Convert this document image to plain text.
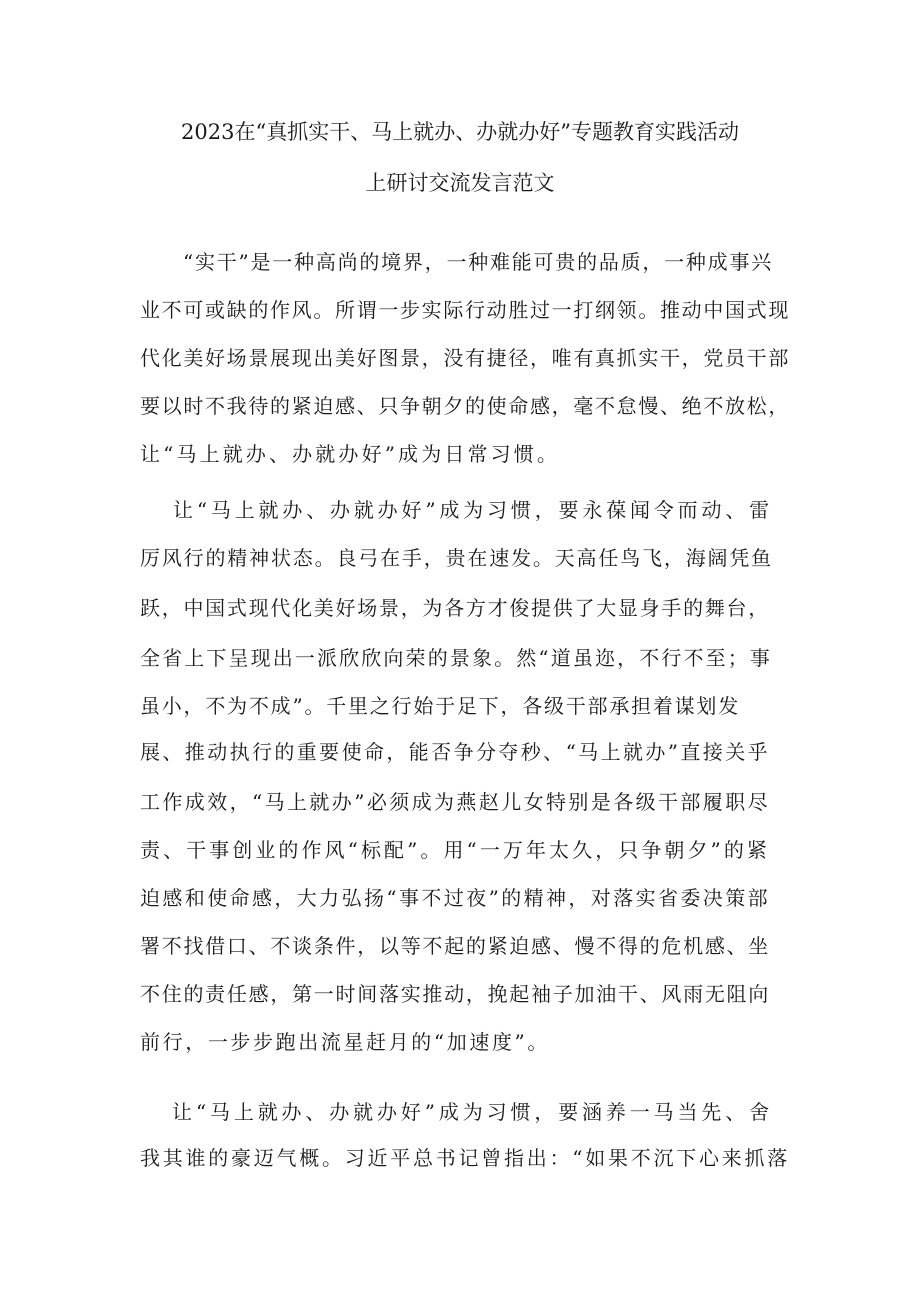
2023在“真抓实干、马上就办、办就办好”专题教育实践活动
上研讨交流发言范文
“实干”是一种高尚的境界，一种难能可贵的品质，一种成事兴
业不可或缺的作风。所谓一步实际行动胜过一打纲领。推动中国式现
代化美好场景展现出美好图景，没有捷径，唯有真抓实干，党员干部
要以时不我待的紧迫感、只争朝夕的使命感，毫不怠慢、绝不放松，
让“马上就办、办就办好”成为日常习惯。
让“马上就办、办就办好”成为习惯，要永葆闻令而动、雷
厉风行的精神状态。良弓在手，贵在速发。天高任鸟飞，海阔凭鱼
跃，中国式现代化美好场景，为各方才俊提供了大显身手的舞台，
全省上下呈现出一派欣欣向荣的景象。然“道虽迩，不行不至；事
虽小，不为不成”。千里之行始于足下，各级干部承担着谋划发
展、推动执行的重要使命，能否争分夺秒、“马上就办”直接关乎
工作成效，“马上就办”必须成为燕赵儿女特别是各级干部履职尽
责、干事创业的作风“标配”。用“一万年太久，只争朝夕”的紧
迫感和使命感，大力弘扬“事不过夜”的精神，对落实省委决策部
署不找借口、不谈条件，以等不起的紧迫感、慢不得的危机感、坐
不住的责任感，第一时间落实推动，挽起袖子加油干、风雨无阻向
前行，一步步跑出流星赶月的“加速度”。
让“马上就办、办就办好”成为习惯，要涵养一马当先、舍
我其谁的豪迈气概。习近平总书记曾指出：“如果不沉下心来抓落
